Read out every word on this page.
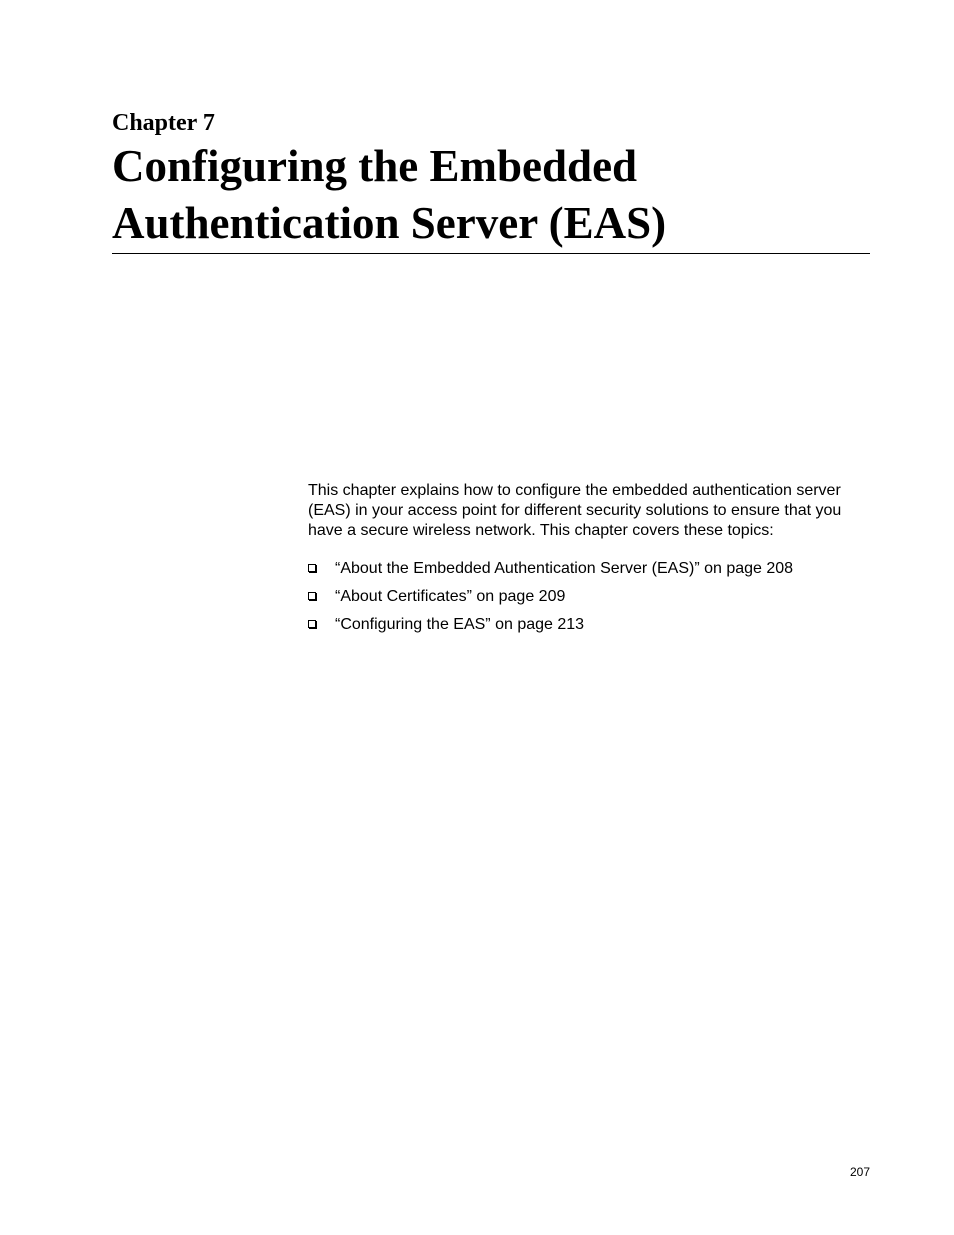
Chapter 7
Configuring the Embedded Authentication Server (EAS)

This chapter explains how to configure the embedded authentication server (EAS) in your access point for different security solutions to ensure that you have a secure wireless network. This chapter covers these topics:

“About the Embedded Authentication Server (EAS)” on page 208
“About Certificates” on page 209
“Configuring the EAS” on page 213
207
